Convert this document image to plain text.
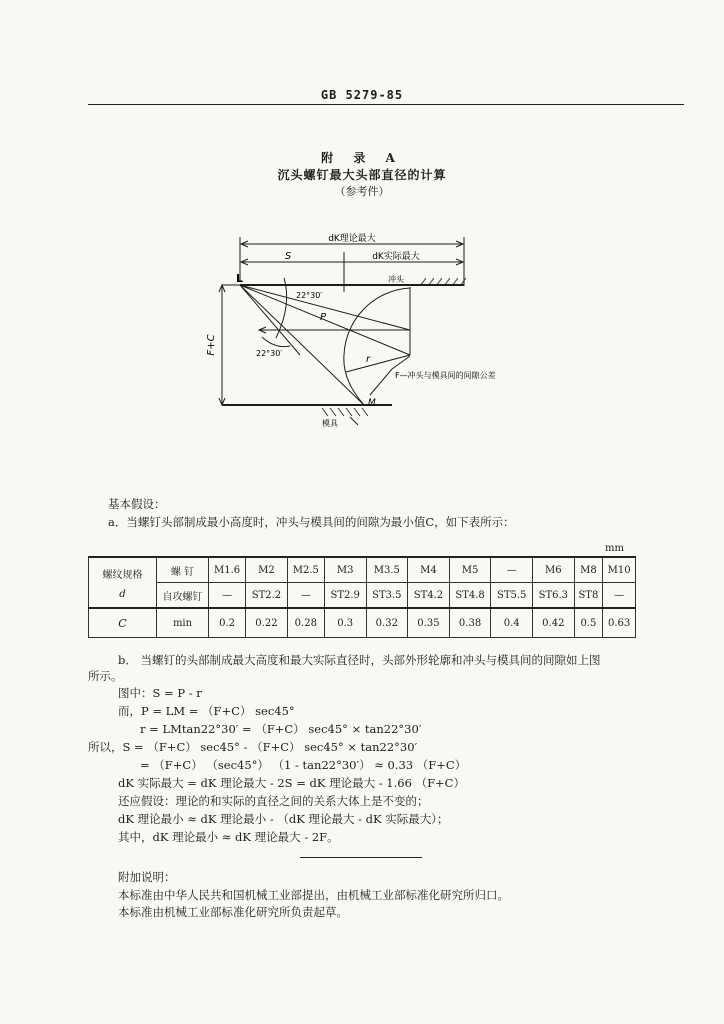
GB 5279-85
附 录 A
沉头螺钉最大头部直径的计算
（参考件）
dK理论最大
S	dK实际最大
22°30′
P
冲头
L
F+C	22°30′
r
F—冲头与模具间的间隙公差
M
模具
基本假设：
a．当螺钉头部制成最小高度时，冲头与模具间的间隙为最小值C，如下表所示：
mm
螺纹规格
d	螺 钉	M1.6	M2	M2.5	M3	M3.5	M4	M5	—	M6	M8	M10
	自攻螺钉	—	ST2.2	—	ST2.9	ST3.5	ST4.2	ST4.8	ST5.5	ST6.3	ST8	—
C	min	0.2	0.22	0.28	0.3	0.32	0.35	0.38	0.4	0.42	0.5	0.63
b． 当螺钉的头部制成最大高度和最大实际直径时，头部外形轮廓和冲头与模具间的间隙如上图
所示。
图中：S = P - r
而，P = LM = （F+C） sec45°
r = LMtan22°30′ = （F+C） sec45° × tan22°30′
所以，S = （F+C） sec45° - （F+C） sec45° × tan22°30′
= （F+C） （sec45°） （1 - tan22°30′） ≈ 0.33 （F+C）
dK 实际最大 = dK 理论最大 - 2S = dK 理论最大 - 1.66 （F+C）
还应假设：理论的和实际的直径之间的关系大体上是不变的；
dK 理论最小 ≈ dK 理论最小 - （dK 理论最大 - dK 实际最大）；
其中，dK 理论最小 ≈ dK 理论最大 - 2F。
附加说明：
本标准由中华人民共和国机械工业部提出，由机械工业部标准化研究所归口。
本标准由机械工业部标准化研究所负责起草。
